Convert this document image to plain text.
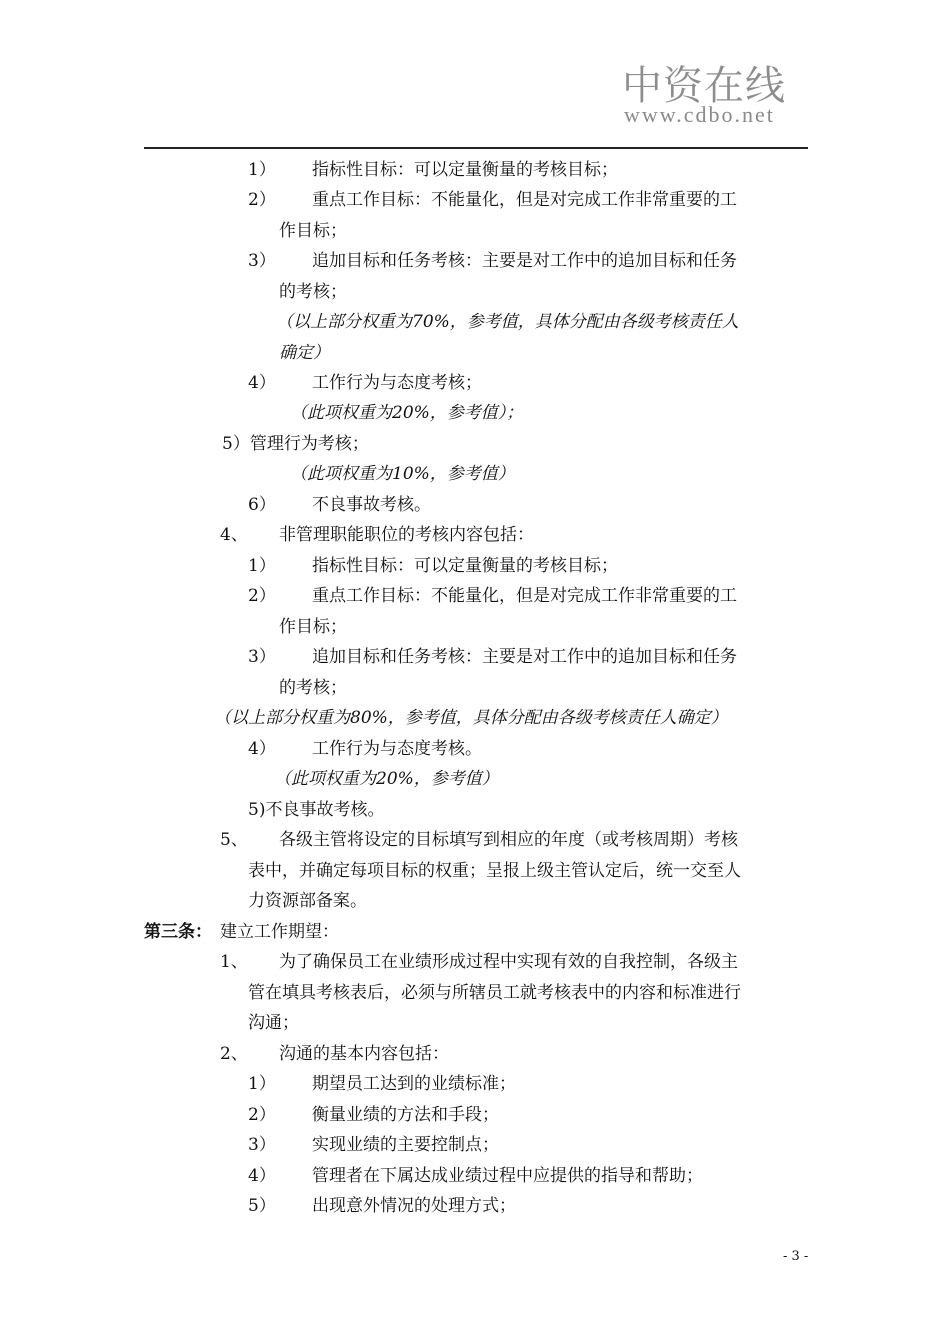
中资在线
www.cdbo.net
1） 指标性目标：可以定量衡量的考核目标；
2） 重点工作目标：不能量化，但是对完成工作非常重要的工
作目标；
3） 追加目标和任务考核：主要是对工作中的追加目标和任务
的考核；
（以上部分权重为70%，参考值，具体分配由各级考核责任人
确定）
4） 工作行为与态度考核；
（此项权重为20%，参考值）；
5）管理行为考核；
（此项权重为10%，参考值）
6） 不良事故考核。
4、 非管理职能职位的考核内容包括：
1） 指标性目标：可以定量衡量的考核目标；
2） 重点工作目标：不能量化，但是对完成工作非常重要的工
作目标；
3） 追加目标和任务考核：主要是对工作中的追加目标和任务
的考核；
（以上部分权重为80%，参考值，具体分配由各级考核责任人确定）
4） 工作行为与态度考核。
（此项权重为20%，参考值）
5)不良事故考核。
5、 各级主管将设定的目标填写到相应的年度（或考核周期）考核
表中，并确定每项目标的权重；呈报上级主管认定后，统一交至人
力资源部备案。
第三条： 建立工作期望：
1、 为了确保员工在业绩形成过程中实现有效的自我控制，各级主
管在填具考核表后，必须与所辖员工就考核表中的内容和标准进行
沟通；
2、 沟通的基本内容包括：
1） 期望员工达到的业绩标准；
2） 衡量业绩的方法和手段；
3） 实现业绩的主要控制点；
4） 管理者在下属达成业绩过程中应提供的指导和帮助；
5） 出现意外情况的处理方式；
- 3 -
